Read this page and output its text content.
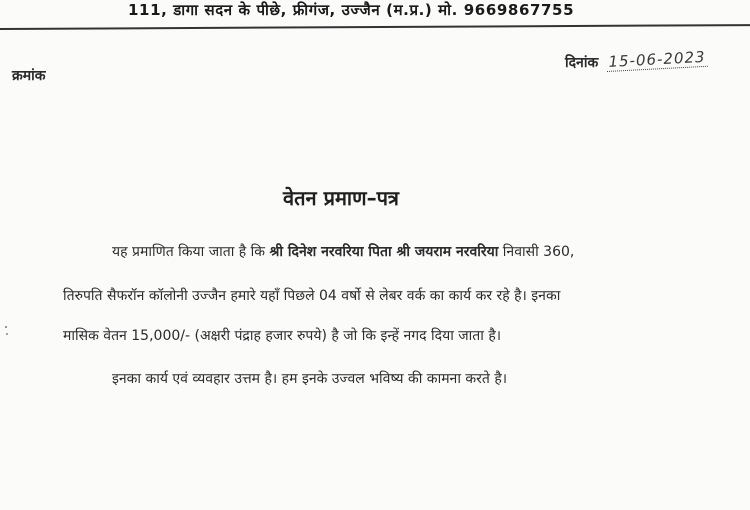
111, डागा सदन के पीछे, फ्रीगंज, उज्जैन (म.प्र.) मो. 9669867755
क्रमांक
दिनांक 15-06-2023
वेतन प्रमाण–पत्र
यह प्रमाणित किया जाता है कि श्री दिनेश नरवरिया पिता श्री जयराम नरवरिया निवासी 360,
तिरुपति सैफरॉन कॉलोनी उज्जैन हमारे यहाँ पिछले 04 वर्षो से लेबर वर्क का कार्य कर रहे है। इनका
मासिक वेतन 15,000/- (अक्षरी पंद्राह हजार रुपये) है जो कि इन्हें नगद दिया जाता है।
इनका कार्य एवं व्यवहार उत्तम है। हम इनके उज्वल भविष्य की कामना करते है।
